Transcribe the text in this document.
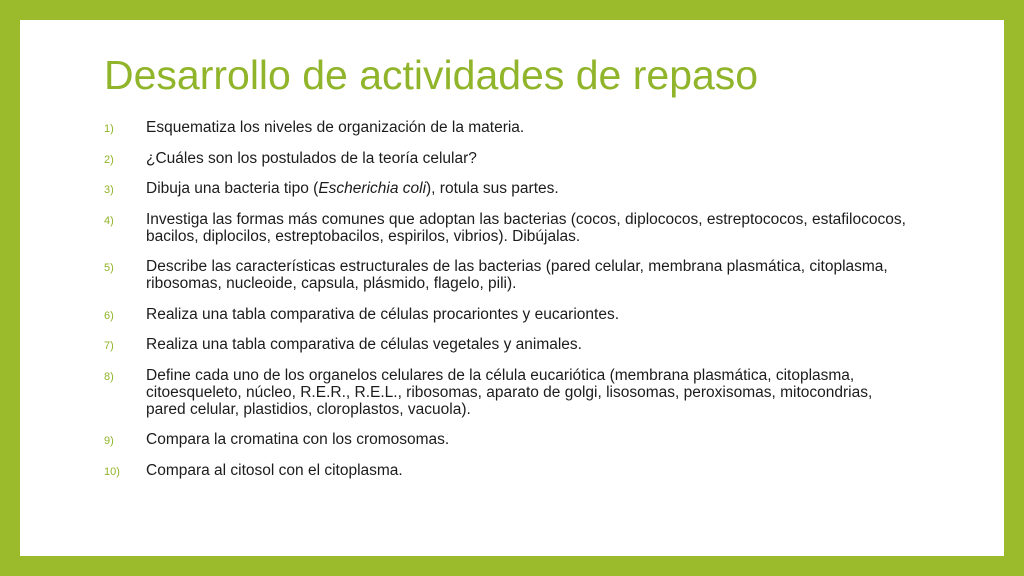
Desarrollo de actividades de repaso
1) Esquematiza los niveles de organización de la materia.
2) ¿Cuáles son los postulados de la teoría celular?
3) Dibuja una bacteria tipo (Escherichia coli), rotula sus partes.
4) Investiga las formas más comunes que adoptan las bacterias (cocos, diplococos, estreptococos, estafilococos, bacilos, diplocilos, estreptobacilos, espirilos, vibrios). Dibújalas.
5) Describe las características estructurales de las bacterias (pared celular, membrana plasmática, citoplasma, ribosomas, nucleoide, capsula, plásmido, flagelo, pili).
6) Realiza una tabla comparativa de células procariontes y eucariontes.
7) Realiza una tabla comparativa de células vegetales y animales.
8) Define cada uno de los organelos celulares de la célula eucariótica (membrana plasmática, citoplasma, citoesqueleto, núcleo, R.E.R., R.E.L., ribosomas, aparato de golgi, lisosomas, peroxisomas, mitocondrias, pared celular, plastidios, cloroplastos, vacuola).
9) Compara la cromatina con los cromosomas.
10) Compara al citosol con el citoplasma.
